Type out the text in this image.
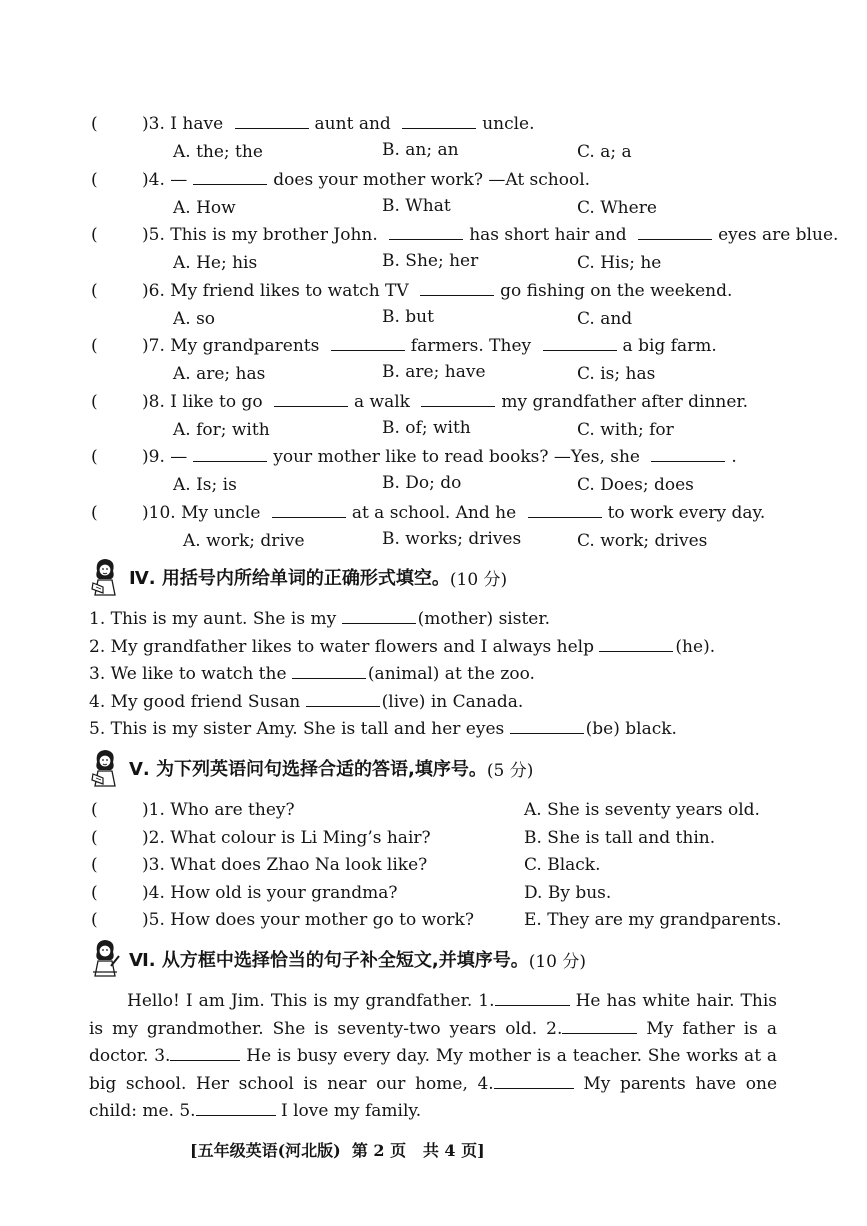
(	)3. I have	aunt and	uncle.
A. the; the	B. an; an	C. a; a
(	)4. —	does your mother work? —At school.
A. How	B. What	C. Where
(	)5. This is my brother John.	has short hair and	eyes are blue.
A. He; his	B. She; her	C. His; he
(	)6. My friend likes to watch TV	go fishing on the weekend.
A. so	B. but	C. and
(	)7. My grandparents	farmers. They	a big farm.
A. are; has	B. are; have	C. is; has
(	)8. I like to go	a walk	my grandfather after dinner.
A. for; with	B. of; with	C. with; for
(	)9. —	your mother like to read books? —Yes, she	.
A. Is; is	B. Do; do	C. Does; does
(	)10. My uncle	at a school. And he	to work every day.
A. work; drive	B. works; drives	C. work; drives
Ⅳ. 用括号内所给单词的正确形式填空。 (10 分)
1. This is my aunt. She is my	(mother) sister.
2. My grandfather likes to water flowers and I always help	(he).
3. We like to watch the	(animal) at the zoo.
4. My good friend Susan	(live) in Canada.
5. This is my sister Amy. She is tall and her eyes	(be) black.
Ⅴ. 为下列英语问句选择合适的答语,填序号。 (5 分)
(	)1. Who are they?	A. She is seventy years old.
(	)2. What colour is Li Ming’s hair?	B. She is tall and thin.
(	)3. What does Zhao Na look like?	C. Black.
(	)4. How old is your grandma?	D. By bus.
(	)5. How does your mother go to work?	E. They are my grandparents.
Ⅵ. 从方框中选择恰当的句子补全短文,并填序号。 (10 分)
Hello! I am Jim. This is my grandfather. 1.	He has white hair. This is my grandmother. She is seventy-two years old. 2.	My father is a doctor. 3.	He is busy every day. My mother is a teacher. She works at a big school. Her school is near our home, 4.	My parents have one child: me. 5.	I love my family.
[五年级英语(河北版)  第 2 页   共 4 页]
